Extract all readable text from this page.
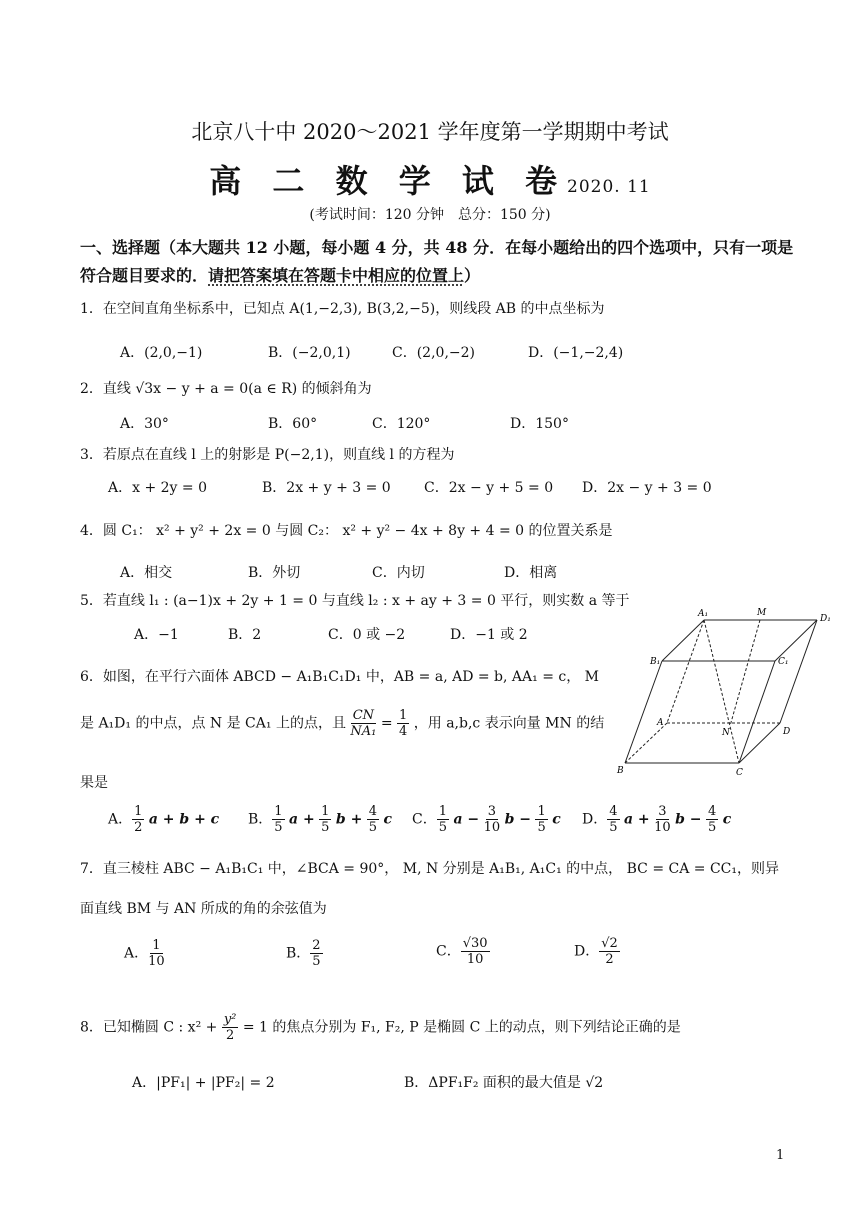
北京八十中 2020～2021 学年度第一学期期中考试
高 二 数 学 试 卷2020. 11
(考试时间：120 分钟　总分：150 分)
一、选择题（本大题共 12 小题，每小题 4 分，共 48 分．在每小题给出的四个选项中，只有一项是符合题目要求的．请把答案填在答题卡中相应的位置上）
1．在空间直角坐标系中，已知点 A(1,−2,3), B(3,2,−5)，则线段 AB 的中点坐标为
A．(2,0,−1)	B．(−2,0,1)	C．(2,0,−2)	D．(−1,−2,4)
2．直线 √3x − y + a = 0(a ∈ R) 的倾斜角为
A．30°	B．60°	C．120°	D．150°
3．若原点在直线 l 上的射影是 P(−2,1)，则直线 l 的方程为
A．x + 2y = 0	B．2x + y + 3 = 0 C．2x − y + 5 = 0 D．2x − y + 3 = 0
4．圆 C₁： x² + y² + 2x = 0 与圆 C₂： x² + y² − 4x + 8y + 4 = 0 的位置关系是
A．相交	B．外切	C．内切	D．相离
5．若直线 l₁ : (a−1)x + 2y + 1 = 0 与直线 l₂ : x + ay + 3 = 0 平行，则实数 a 等于
A．−1	B．2	C．0 或 −2	D．−1 或 2
A₁	M
D₁
B₁	C₁
A
N	D
B	C
6．如图，在平行六面体 ABCD − A₁B₁C₁D₁ 中，AB = a, AD = b, AA₁ = c， M
是 A₁D₁ 的中点，点 N 是 CA₁ 上的点，且 $\frac{CN}{\text{NA₁}} = \frac{1}{4}$ ，用 a,b,c 表示向量 MN 的结
果是
A． $\frac{1}{2}$ a + b + c B． $\frac{1}{5}$ $a + \frac{1}{5}$ $b + \frac{4}{5}$ c C． $\frac{1}{5}$ $a - \frac{3}{10}$ $b - \frac{1}{5}$ c D． $\frac{4}{5}$ $a + \frac{3}{10}$ $b - \frac{4}{5}$ c
7．直三棱柱 ABC − A₁B₁C₁ 中，∠BCA = 90°， M, N 分别是 A₁B₁, A₁C₁ 的中点， BC = CA = CC₁，则异
面直线 BM 与 AN 所成的角的余弦值为
A． $\frac{1}{10}$	B． $\frac{2}{5}$	C． $\frac{√30}{10}$	D． $\frac{√2}{2}$
8．已知椭圆 C : $x^2 + \frac{\text{y²}}{2} = 1$ 的焦点分别为 F₁, F₂, P 是椭圆 C 上的动点，则下列结论正确的是
A．|PF₁| + |PF₂| = 2	B．ΔPF₁F₂ 面积的最大值是 √2
1
